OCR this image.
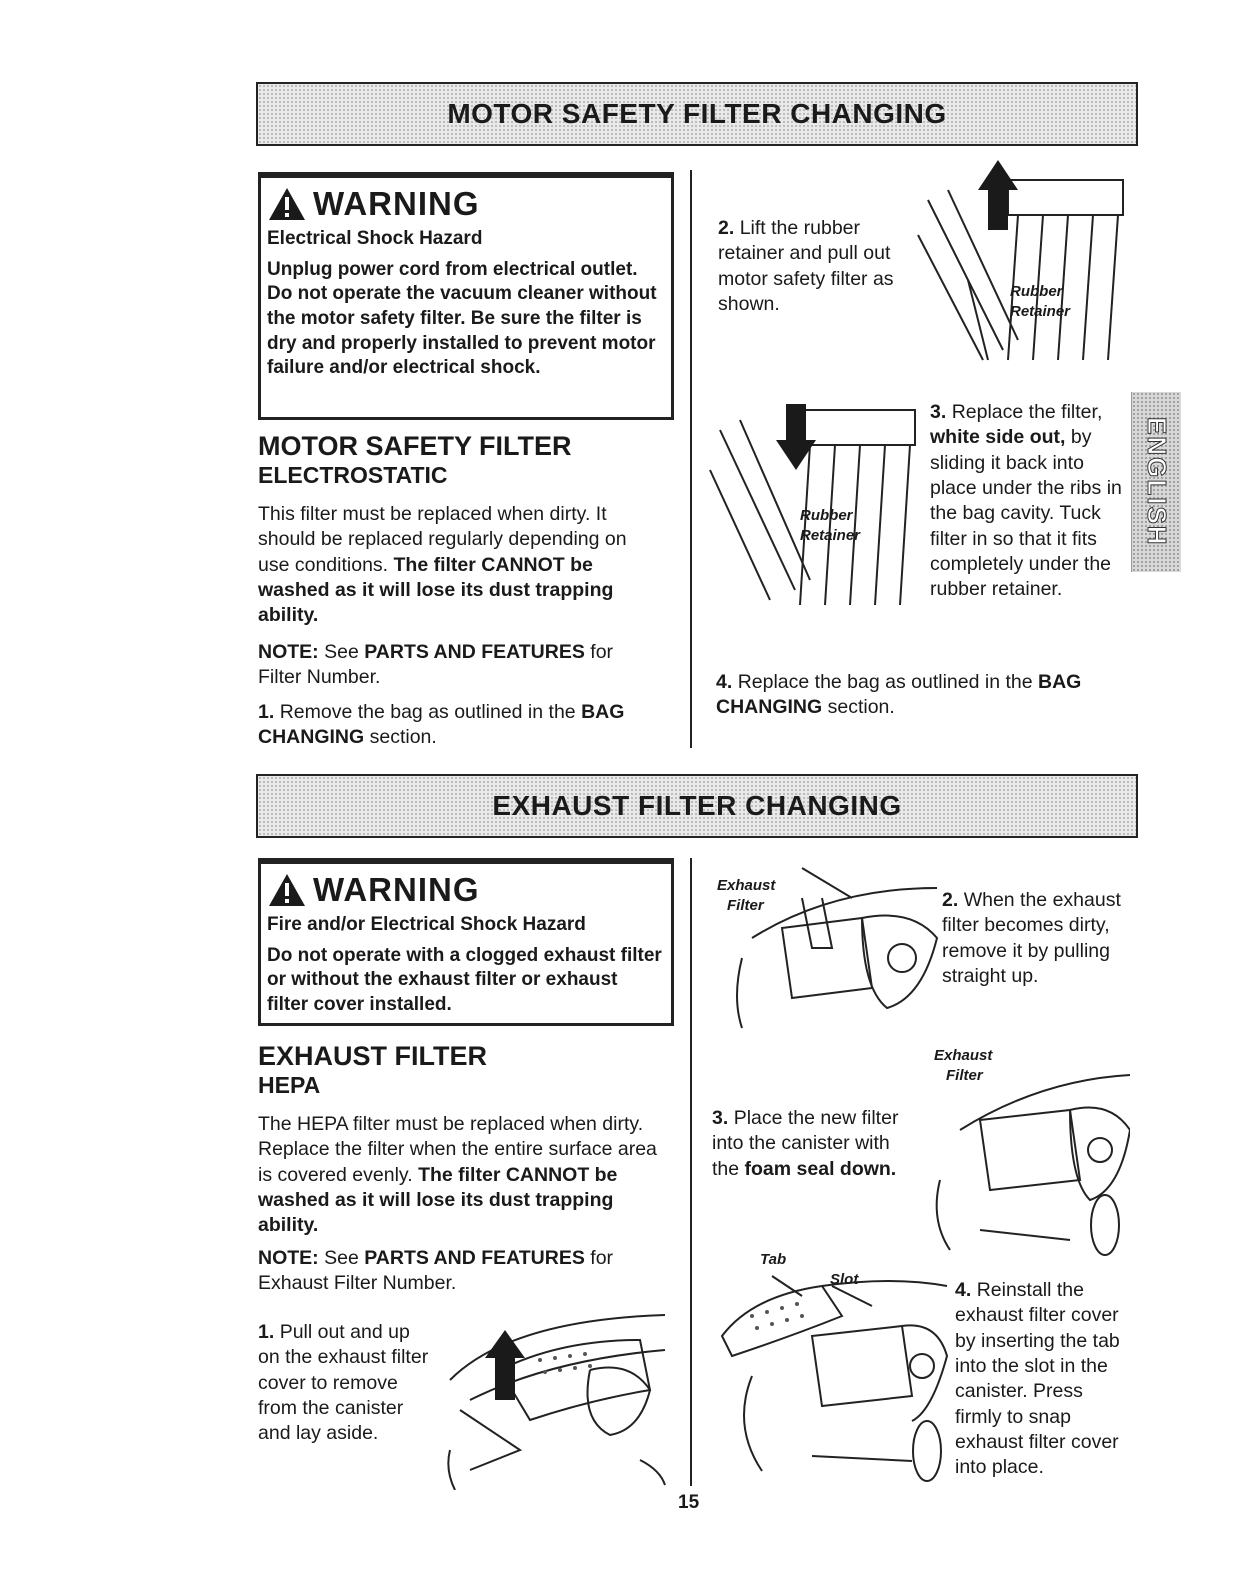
MOTOR SAFETY FILTER CHANGING
WARNING
Electrical Shock Hazard
Unplug power cord from electrical outlet. Do not operate the vacuum cleaner without the motor safety filter. Be sure the filter is dry and properly installed to prevent motor failure and/or electrical shock.
MOTOR SAFETY FILTER
ELECTROSTATIC
This filter must be replaced when dirty. It should be replaced regularly depending on use conditions. The filter CANNOT be washed as it will lose its dust trapping ability.
NOTE: See PARTS AND FEATURES for Filter Number.
1. Remove the bag as outlined in the BAG CHANGING section.
2. Lift the rubber retainer and pull out motor safety filter as shown.
Rubber
Retainer
Rubber
Retainer
3. Replace the filter, white side out, by sliding it back into place under the ribs in the bag cavity. Tuck filter in so that it fits completely under the rubber retainer.
4. Replace the bag as outlined in the BAG CHANGING section.
ENGLISH
EXHAUST FILTER CHANGING
WARNING
Fire and/or Electrical Shock Hazard
Do not operate with a clogged exhaust filter or without the exhaust filter or exhaust filter cover installed.
EXHAUST FILTER
HEPA
The HEPA filter must be replaced when dirty. Replace the filter when the entire surface area is covered evenly. The filter CANNOT be washed as it will lose its dust trapping ability.
NOTE: See PARTS AND FEATURES for Exhaust Filter Number.
1. Pull out and up on the exhaust filter cover to remove from the canister and lay aside.
Exhaust
Filter	2. When the exhaust filter becomes dirty, remove it by pulling straight up.
3. Place the new filter into the canister with the foam seal down.
Exhaust
Filter
Tab
Slot	4. Reinstall the exhaust filter cover by inserting the tab into the slot in the canister. Press firmly to snap exhaust filter cover into place.
15
